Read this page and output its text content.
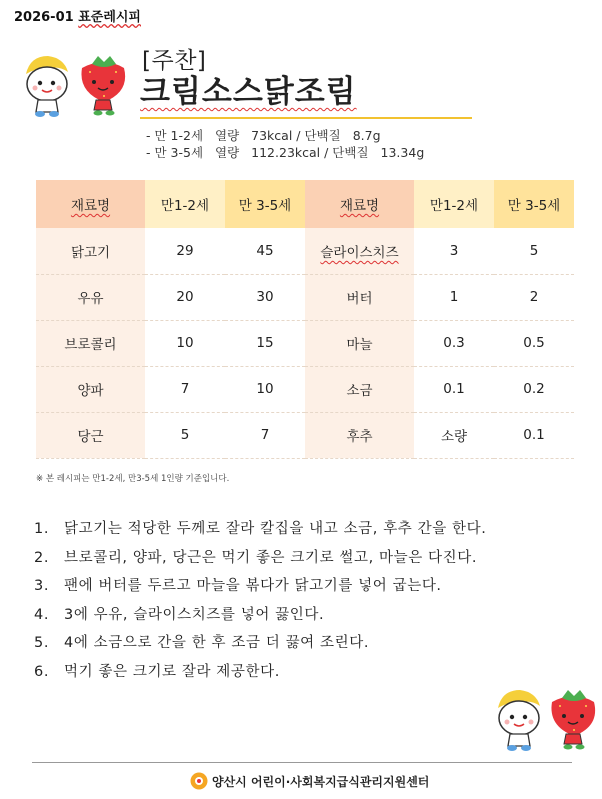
2026-01 표준레시피
[주찬]
크림소스닭조림
- 만 1-2세 열량 73kcal / 단백질 8.7g
- 만 3-5세 열량 112.23kcal / 단백질 13.34g
재료명	만1-2세	만 3-5세	재료명	만1-2세	만 3-5세
닭고기	29	45	슬라이스치즈	3	5
우유	20	30	버터	1	2
브로콜리	10	15	마늘	0.3	0.5
양파	7	10	소금	0.1	0.2
당근	5	7	후추	소량	0.1
※ 본 레시피는 만1-2세, 만3-5세 1인량 기준입니다.
1. 닭고기는 적당한 두께로 잘라 칼집을 내고 소금, 후추 간을 한다.
2. 브로콜리, 양파, 당근은 먹기 좋은 크기로 썰고, 마늘은 다진다.
3. 팬에 버터를 두르고 마늘을 볶다가 닭고기를 넣어 굽는다.
4. 3에 우유, 슬라이스치즈를 넣어 끓인다.
5. 4에 소금으로 간을 한 후 조금 더 끓여 조린다.
6. 먹기 좋은 크기로 잘라 제공한다.
양산시 어린이·사회복지급식관리지원센터
